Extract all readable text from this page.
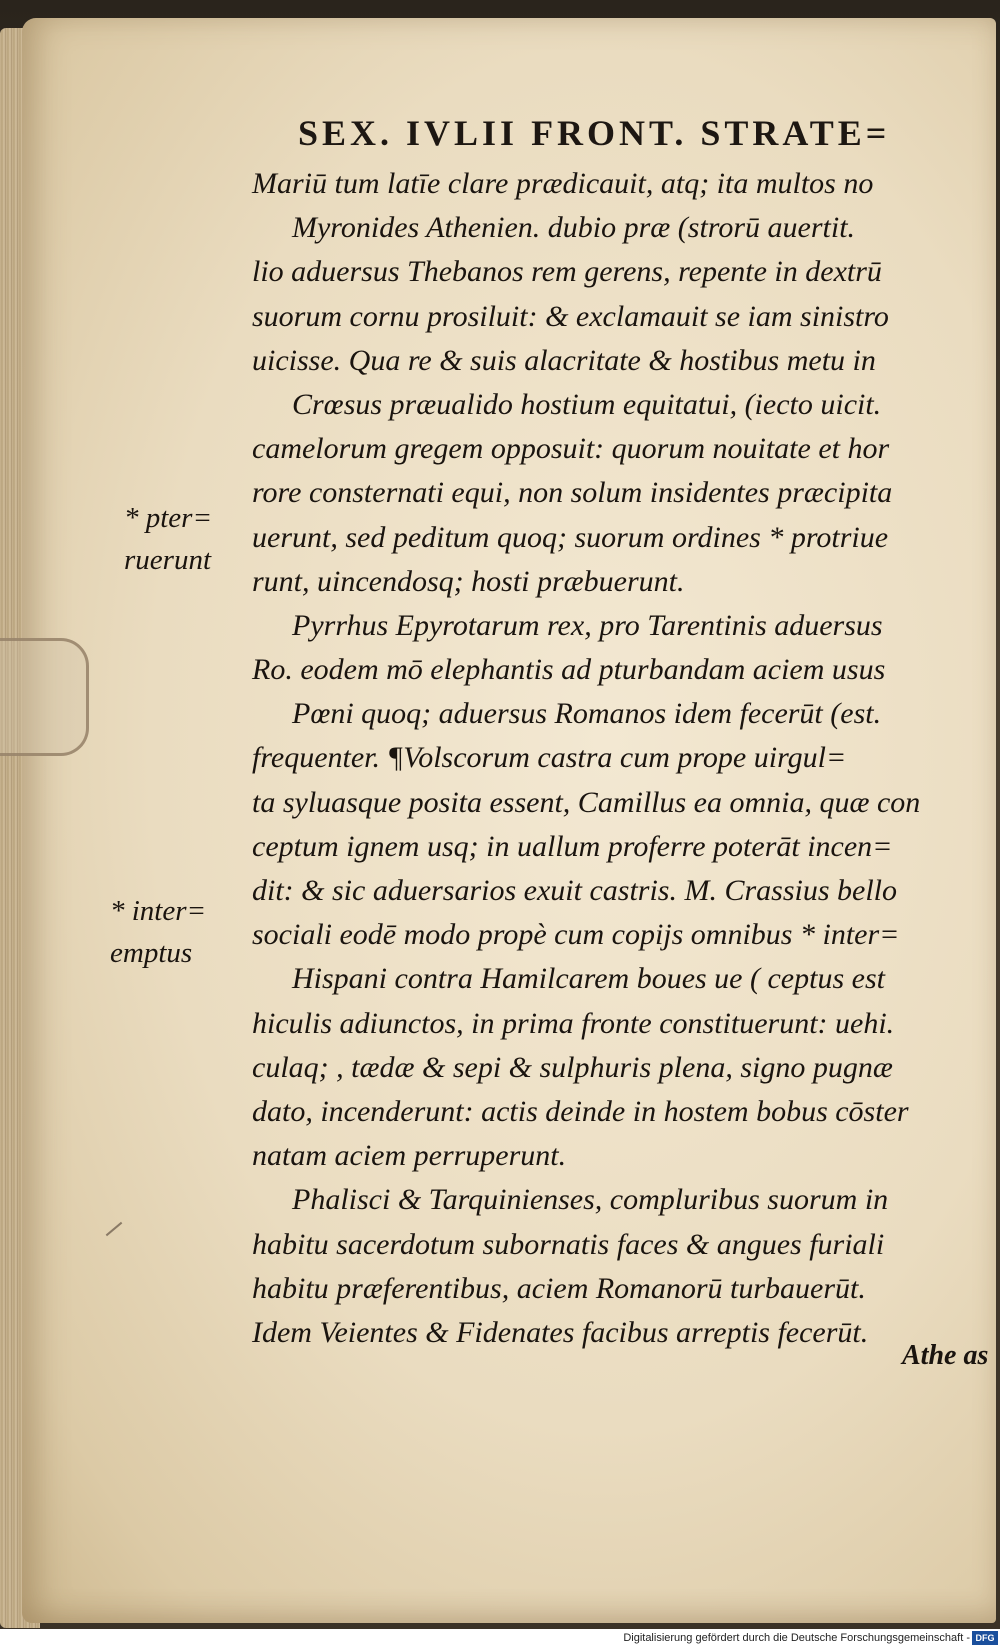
SEX. IVLII FRONT. STRATE=
Mariū tum latīe clare prædicauit, atq; ita multos no
Myronides Athenien. dubio præ (strorū auertit.
lio aduersus Thebanos rem gerens, repente in dextrū
suorum cornu prosiluit: & exclamauit se iam sinistro
uicisse. Qua re & suis alacritate & hostibus metu in
Crœsus præualido hostium equitatui, (iecto uicit.
camelorum gregem opposuit: quorum nouitate et hor
rore consternati equi, non solum insidentes præcipita
uerunt, sed peditum quoq; suorum ordines * protriue
runt, uincendosq; hosti præbuerunt.
Pyrrhus Epyrotarum rex, pro Tarentinis aduersus
Ro. eodem mō elephantis ad pturbandam aciem usus
Pœni quoq; aduersus Romanos idem fecerūt (est.
frequenter. ¶Volscorum castra cum prope uirgul=
ta syluasque posita essent, Camillus ea omnia, quæ con
ceptum ignem usq; in uallum proferre poterāt incen=
dit: & sic aduersarios exuit castris. M. Crassius bello
sociali eodē modo propè cum copijs omnibus * inter=
Hispani contra Hamilcarem boues ue ( ceptus est
hiculis adiunctos, in prima fronte constituerunt: uehi.
culaq; , tædæ & sepi & sulphuris plena, signo pugnæ
dato, incenderunt: actis deinde in hostem bobus cōster
natam aciem perruperunt.
Phalisci & Tarquinienses, compluribus suorum in
habitu sacerdotum subornatis faces & angues furiali
habitu præferentibus, aciem Romanorū turbauerūt.
Idem Veientes & Fidenates facibus arreptis fecerūt.
* pter=
ruerunt
* inter=
emptus
Athe as
Digitalisierung gefördert durch die Deutsche Forschungsgemeinschaft - DFG
